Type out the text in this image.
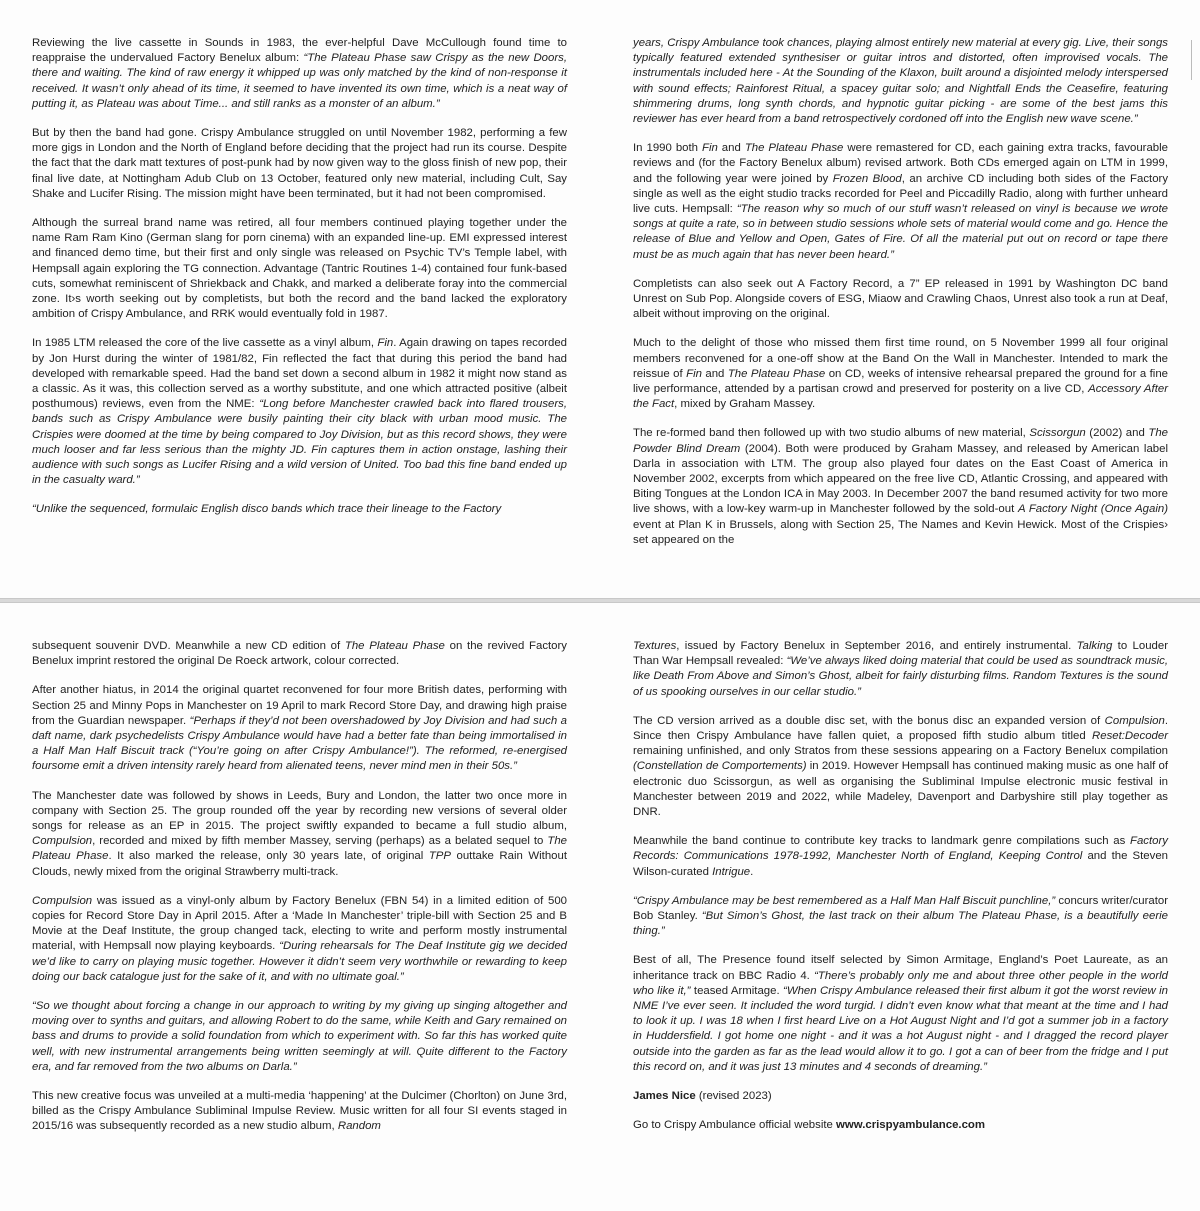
Reviewing the live cassette in Sounds in 1983, the ever-helpful Dave McCullough found time to reappraise the undervalued Factory Benelux album: “The Plateau Phase saw Crispy as the new Doors, there and waiting. The kind of raw energy it whipped up was only matched by the kind of non-response it received. It wasn’t only ahead of its time, it seemed to have invented its own time, which is a neat way of putting it, as Plateau was about Time... and still ranks as a monster of an album.”

But by then the band had gone. Crispy Ambulance struggled on until November 1982, performing a few more gigs in London and the North of England before deciding that the project had run its course. Despite the fact that the dark matt textures of post-punk had by now given way to the gloss finish of new pop, their final live date, at Nottingham Adub Club on 13 October, featured only new material, including Cult, Say Shake and Lucifer Rising. The mission might have been terminated, but it had not been compromised.

Although the surreal brand name was retired, all four members continued playing together under the name Ram Ram Kino (German slang for porn cinema) with an expanded line-up. EMI expressed interest and financed demo time, but their first and only single was released on Psychic TV’s Temple label, with Hempsall again exploring the TG connection. Advantage (Tantric Routines 1-4) contained four funk-based cuts, somewhat reminiscent of Shriekback and Chakk, and marked a deliberate foray into the commercial zone. It›s worth seeking out by completists, but both the record and the band lacked the exploratory ambition of Crispy Ambulance, and RRK would eventually fold in 1987.

In 1985 LTM released the core of the live cassette as a vinyl album, Fin. Again drawing on tapes recorded by Jon Hurst during the winter of 1981/82, Fin reflected the fact that during this period the band had developed with remarkable speed. Had the band set down a second album in 1982 it might now stand as a classic. As it was, this collection served as a worthy substitute, and one which attracted positive (albeit posthumous) reviews, even from the NME: “Long before Manchester crawled back into flared trousers, bands such as Crispy Ambulance were busily painting their city black with urban mood music. The Crispies were doomed at the time by being compared to Joy Division, but as this record shows, they were much looser and far less serious than the mighty JD. Fin captures them in action onstage, lashing their audience with such songs as Lucifer Rising and a wild version of United. Too bad this fine band ended up in the casualty ward.”

“Unlike the sequenced, formulaic English disco bands which trace their lineage to the Factory

years, Crispy Ambulance took chances, playing almost entirely new material at every gig. Live, their songs typically featured extended synthesiser or guitar intros and distorted, often improvised vocals. The instrumentals included here - At the Sounding of the Klaxon, built around a disjointed melody interspersed with sound effects; Rainforest Ritual, a spacey guitar solo; and Nightfall Ends the Ceasefire, featuring shimmering drums, long synth chords, and hypnotic guitar picking - are some of the best jams this reviewer has ever heard from a band retrospectively cordoned off into the English new wave scene.”

In 1990 both Fin and The Plateau Phase were remastered for CD, each gaining extra tracks, favourable reviews and (for the Factory Benelux album) revised artwork. Both CDs emerged again on LTM in 1999, and the following year were joined by Frozen Blood, an archive CD including both sides of the Factory single as well as the eight studio tracks recorded for Peel and Piccadilly Radio, along with further unheard live cuts. Hempsall: “The reason why so much of our stuff wasn’t released on vinyl is because we wrote songs at quite a rate, so in between studio sessions whole sets of material would come and go. Hence the release of Blue and Yellow and Open, Gates of Fire. Of all the material put out on record or tape there must be as much again that has never been heard.”

Completists can also seek out A Factory Record, a 7” EP released in 1991 by Washington DC band Unrest on Sub Pop. Alongside covers of ESG, Miaow and Crawling Chaos, Unrest also took a run at Deaf, albeit without improving on the original.

Much to the delight of those who missed them first time round, on 5 November 1999 all four original members reconvened for a one-off show at the Band On the Wall in Manchester. Intended to mark the reissue of Fin and The Plateau Phase on CD, weeks of intensive rehearsal prepared the ground for a fine live performance, attended by a partisan crowd and preserved for posterity on a live CD, Accessory After the Fact, mixed by Graham Massey.

The re-formed band then followed up with two studio albums of new material, Scissorgun (2002) and The Powder Blind Dream (2004). Both were produced by Graham Massey, and released by American label Darla in association with LTM. The group also played four dates on the East Coast of America in November 2002, excerpts from which appeared on the free live CD, Atlantic Crossing, and appeared with Biting Tongues at the London ICA in May 2003. In December 2007 the band resumed activity for two more live shows, with a low-key warm-up in Manchester followed by the sold-out A Factory Night (Once Again) event at Plan K in Brussels, along with Section 25, The Names and Kevin Hewick. Most of the Crispies› set appeared on the

subsequent souvenir DVD. Meanwhile a new CD edition of The Plateau Phase on the revived Factory Benelux imprint restored the original De Roeck artwork, colour corrected.

After another hiatus, in 2014 the original quartet reconvened for four more British dates, performing with Section 25 and Minny Pops in Manchester on 19 April to mark Record Store Day, and drawing high praise from the Guardian newspaper. “Perhaps if they’d not been overshadowed by Joy Division and had such a daft name, dark psychedelists Crispy Ambulance would have had a better fate than being immortalised in a Half Man Half Biscuit track (“You’re going on after Crispy Ambulance!”). The reformed, re-energised foursome emit a driven intensity rarely heard from alienated teens, never mind men in their 50s.”

The Manchester date was followed by shows in Leeds, Bury and London, the latter two once more in company with Section 25. The group rounded off the year by recording new versions of several older songs for release as an EP in 2015. The project swiftly expanded to became a full studio album, Compulsion, recorded and mixed by fifth member Massey, serving (perhaps) as a belated sequel to The Plateau Phase. It also marked the release, only 30 years late, of original TPP outtake Rain Without Clouds, newly mixed from the original Strawberry multi-track.

Compulsion was issued as a vinyl-only album by Factory Benelux (FBN 54) in a limited edition of 500 copies for Record Store Day in April 2015. After a ‘Made In Manchester’ triple-bill with Section 25 and B Movie at the Deaf Institute, the group changed tack, electing to write and perform mostly instrumental material, with Hempsall now playing keyboards. “During rehearsals for The Deaf Institute gig we decided we’d like to carry on playing music together. However it didn’t seem very worthwhile or rewarding to keep doing our back catalogue just for the sake of it, and with no ultimate goal.”

“So we thought about forcing a change in our approach to writing by my giving up singing altogether and moving over to synths and guitars, and allowing Robert to do the same, while Keith and Gary remained on bass and drums to provide a solid foundation from which to experiment with. So far this has worked quite well, with new instrumental arrangements being written seemingly at will. Quite different to the Factory era, and far removed from the two albums on Darla.”

This new creative focus was unveiled at a multi-media ‘happening’ at the Dulcimer (Chorlton) on June 3rd, billed as the Crispy Ambulance Subliminal Impulse Review. Music written for all four SI events staged in 2015/16 was subsequently recorded as a new studio album, Random

Textures, issued by Factory Benelux in September 2016, and entirely instrumental. Talking to Louder Than War Hempsall revealed: “We’ve always liked doing material that could be used as soundtrack music, like Death From Above and Simon’s Ghost, albeit for fairly disturbing films. Random Textures is the sound of us spooking ourselves in our cellar studio.”

The CD version arrived as a double disc set, with the bonus disc an expanded version of Compulsion. Since then Crispy Ambulance have fallen quiet, a proposed fifth studio album titled Reset:Decoder remaining unfinished, and only Stratos from these sessions appearing on a Factory Benelux compilation (Constellation de Comportements) in 2019. However Hempsall has continued making music as one half of electronic duo Scissorgun, as well as organising the Subliminal Impulse electronic music festival in Manchester between 2019 and 2022, while Madeley, Davenport and Darbyshire still play together as DNR.

Meanwhile the band continue to contribute key tracks to landmark genre compilations such as Factory Records: Communications 1978-1992, Manchester North of England, Keeping Control and the Steven Wilson-curated Intrigue.

“Crispy Ambulance may be best remembered as a Half Man Half Biscuit punchline,” concurs writer/curator Bob Stanley. “But Simon’s Ghost, the last track on their album The Plateau Phase, is a beautifully eerie thing.”

Best of all, The Presence found itself selected by Simon Armitage, England’s Poet Laureate, as an inheritance track on BBC Radio 4. “There’s probably only me and about three other people in the world who like it,” teased Armitage. “When Crispy Ambulance released their first album it got the worst review in NME I’ve ever seen. It included the word turgid. I didn’t even know what that meant at the time and I had to look it up. I was 18 when I first heard Live on a Hot August Night and I’d got a summer job in a factory in Huddersfield. I got home one night - and it was a hot August night - and I dragged the record player outside into the garden as far as the lead would allow it to go. I got a can of beer from the fridge and I put this record on, and it was just 13 minutes and 4 seconds of dreaming.”

James Nice (revised 2023)

Go to Crispy Ambulance official website www.crispyambulance.com
